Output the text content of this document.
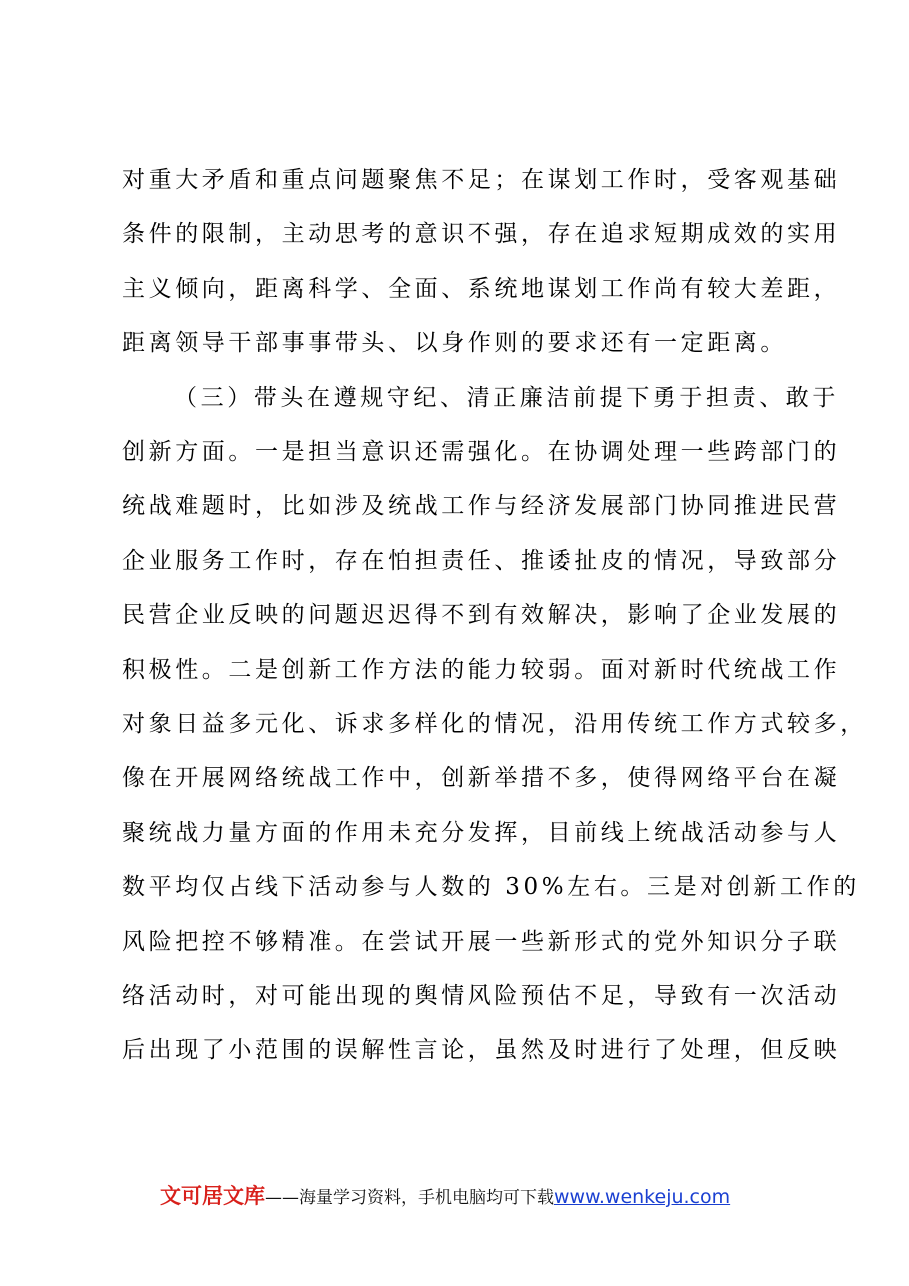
对重大矛盾和重点问题聚焦不足；在谋划工作时，受客观基础
条件的限制，主动思考的意识不强，存在追求短期成效的实用
主义倾向，距离科学、全面、系统地谋划工作尚有较大差距，
距离领导干部事事带头、以身作则的要求还有一定距离。
（三）带头在遵规守纪、清正廉洁前提下勇于担责、敢于
创新方面。一是担当意识还需强化。在协调处理一些跨部门的
统战难题时，比如涉及统战工作与经济发展部门协同推进民营
企业服务工作时，存在怕担责任、推诿扯皮的情况，导致部分
民营企业反映的问题迟迟得不到有效解决，影响了企业发展的
积极性。二是创新工作方法的能力较弱。面对新时代统战工作
对象日益多元化、诉求多样化的情况，沿用传统工作方式较多，
像在开展网络统战工作中，创新举措不多，使得网络平台在凝
聚统战力量方面的作用未充分发挥，目前线上统战活动参与人
数平均仅占线下活动参与人数的 30%左右。三是对创新工作的
风险把控不够精准。在尝试开展一些新形式的党外知识分子联
络活动时，对可能出现的舆情风险预估不足，导致有一次活动
后出现了小范围的误解性言论，虽然及时进行了处理，但反映
文可居文库——海量学习资料，手机电脑均可下载www.wenkeju.com
